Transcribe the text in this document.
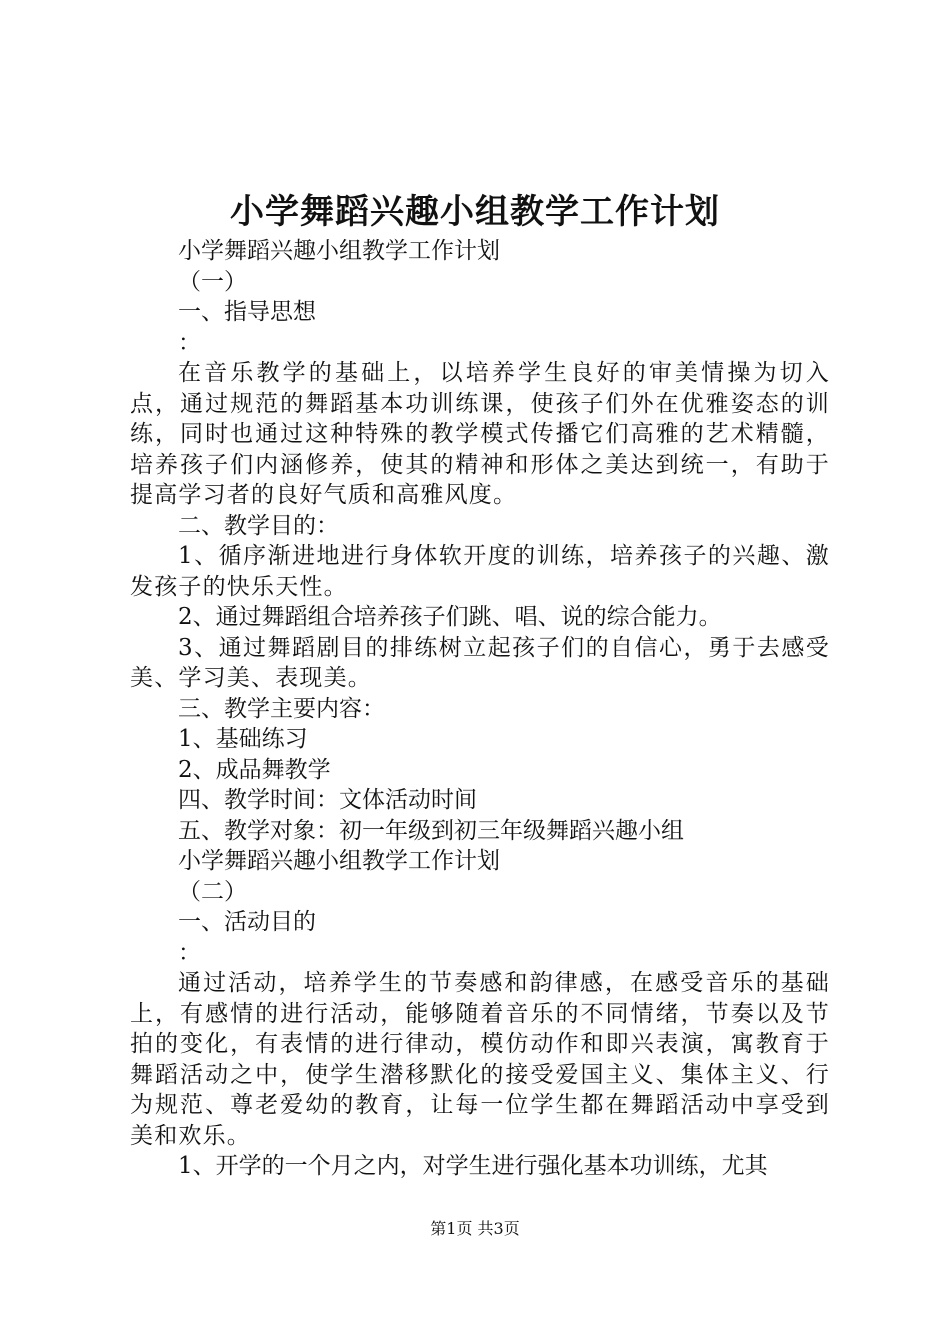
小学舞蹈兴趣小组教学工作计划
小学舞蹈兴趣小组教学工作计划
（一）
一、指导思想
：
在音乐教学的基础上，以培养学生良好的审美情操为切入点，通过规范的舞蹈基本功训练课，使孩子们外在优雅姿态的训练，同时也通过这种特殊的教学模式传播它们高雅的艺术精髓，培养孩子们内涵修养，使其的精神和形体之美达到统一，有助于提高学习者的良好气质和高雅风度。
二、教学目的：
1、循序渐进地进行身体软开度的训练，培养孩子的兴趣、激发孩子的快乐天性。
2、通过舞蹈组合培养孩子们跳、唱、说的综合能力。
3、通过舞蹈剧目的排练树立起孩子们的自信心，勇于去感受美、学习美、表现美。
三、教学主要内容：
1、基础练习
2、成品舞教学
四、教学时间：文体活动时间
五、教学对象：初一年级到初三年级舞蹈兴趣小组
小学舞蹈兴趣小组教学工作计划
（二）
一、活动目的
：
通过活动，培养学生的节奏感和韵律感，在感受音乐的基础上，有感情的进行活动，能够随着音乐的不同情绪，节奏以及节拍的变化，有表情的进行律动，模仿动作和即兴表演，寓教育于舞蹈活动之中，使学生潜移默化的接受爱国主义、集体主义、行为规范、尊老爱幼的教育，让每一位学生都在舞蹈活动中享受到美和欢乐。
1、开学的一个月之内，对学生进行强化基本功训练，尤其
第1页 共3页
